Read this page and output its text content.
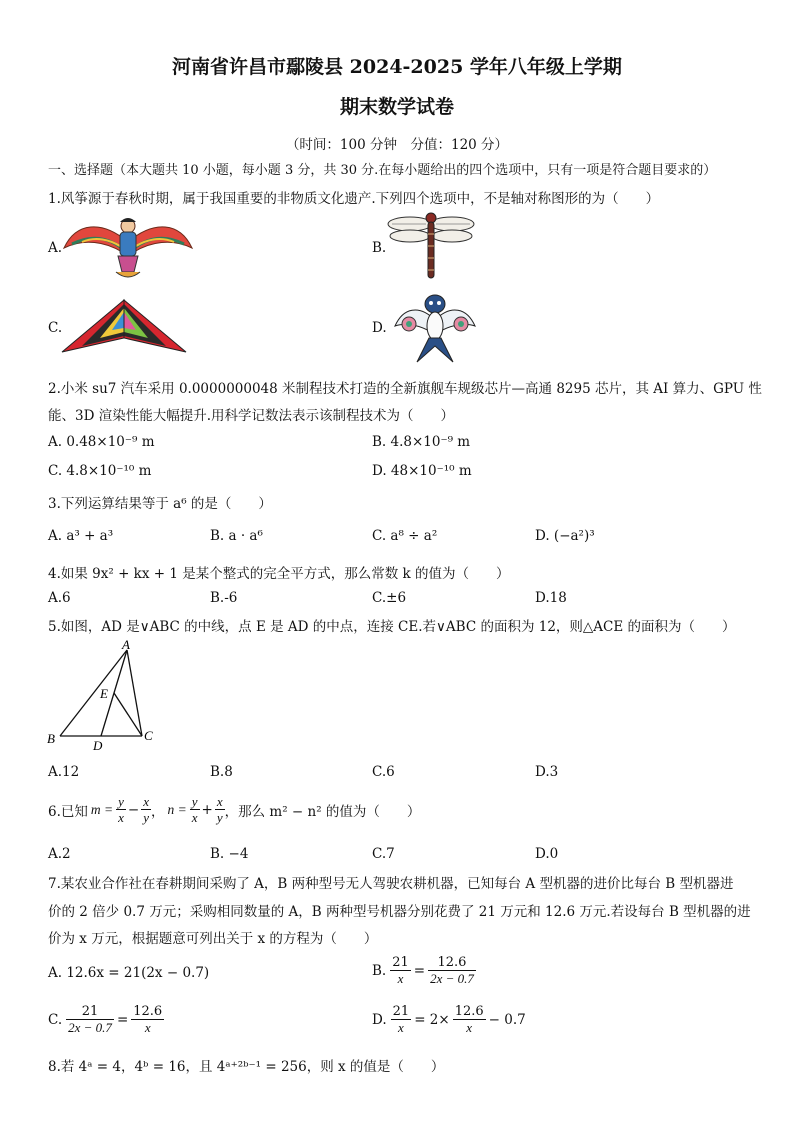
河南省许昌市鄢陵县 2024-2025 学年八年级上学期
期末数学试卷
（时间：100 分钟　分值：120 分）
一、选择题（本大题共 10 小题，每小题 3 分，共 30 分.在每小题给出的四个选项中，只有一项是符合题目要求的）
1.风筝源于春秋时期，属于我国重要的非物质文化遗产.下列四个选项中，不是轴对称图形的为（　　）
A.	B.
C.	D.
2.小米 su7 汽车采用 0.0000000048 米制程技术打造的全新旗舰车规级芯片—高通 8295 芯片，其 AI 算力、GPU 性
能、3D 渲染性能大幅提升.用科学记数法表示该制程技术为（　　）
A. 0.48×10⁻⁹ m	B. 4.8×10⁻⁹ m
C. 4.8×10⁻¹⁰ m	D. 48×10⁻¹⁰ m
3.下列运算结果等于 a⁶ 的是（　　）
A. a³ + a³	B. a · a⁶	C. a⁸ ÷ a²	D. (−a²)³
4.如果 9x² + kx + 1 是某个整式的完全平方式，那么常数 k 的值为（　　）
A.6	B.-6	C.±6	D.18
5.如图，AD 是∨ABC 的中线，点 E 是 AD 的中点，连接 CE.若∨ABC 的面积为 12，则△ACE 的面积为（　　）
A
E
B	D
C
A.12	B.8	C.6	D.3
6.已知 $m = \frac{y}{x} - \frac{x}{y}$ ， $n = \frac{y}{x} + \frac{x}{y}$ ，那么 m² − n² 的值为（　　）
A.2	B. −4	C.7	D.0
7.某农业合作社在春耕期间采购了 A，B 两种型号无人驾驶农耕机器，已知每台 A 型机器的进价比每台 B 型机器进
价的 2 倍少 0.7 万元；采购相同数量的 A，B 两种型号机器分别花费了 21 万元和 12.6 万元.若设每台 B 型机器的进
价为 x 万元，根据题意可列出关于 x 的方程为（　　）
A. 12.6x = 21(2x − 0.7)	B. $\frac{21}{x} = \frac{12.6}{2x - 0.7}$
C. $\frac{21}{2x - 0.7} = \frac{12.6}{x}$	D. $\frac{21}{x} = 2\times \frac{12.6}{x} - 0.7$
8.若 4ᵃ = 4，4ᵇ = 16，且 4ᵃ⁺²ᵇ⁻¹ = 256，则 x 的值是（　　）
